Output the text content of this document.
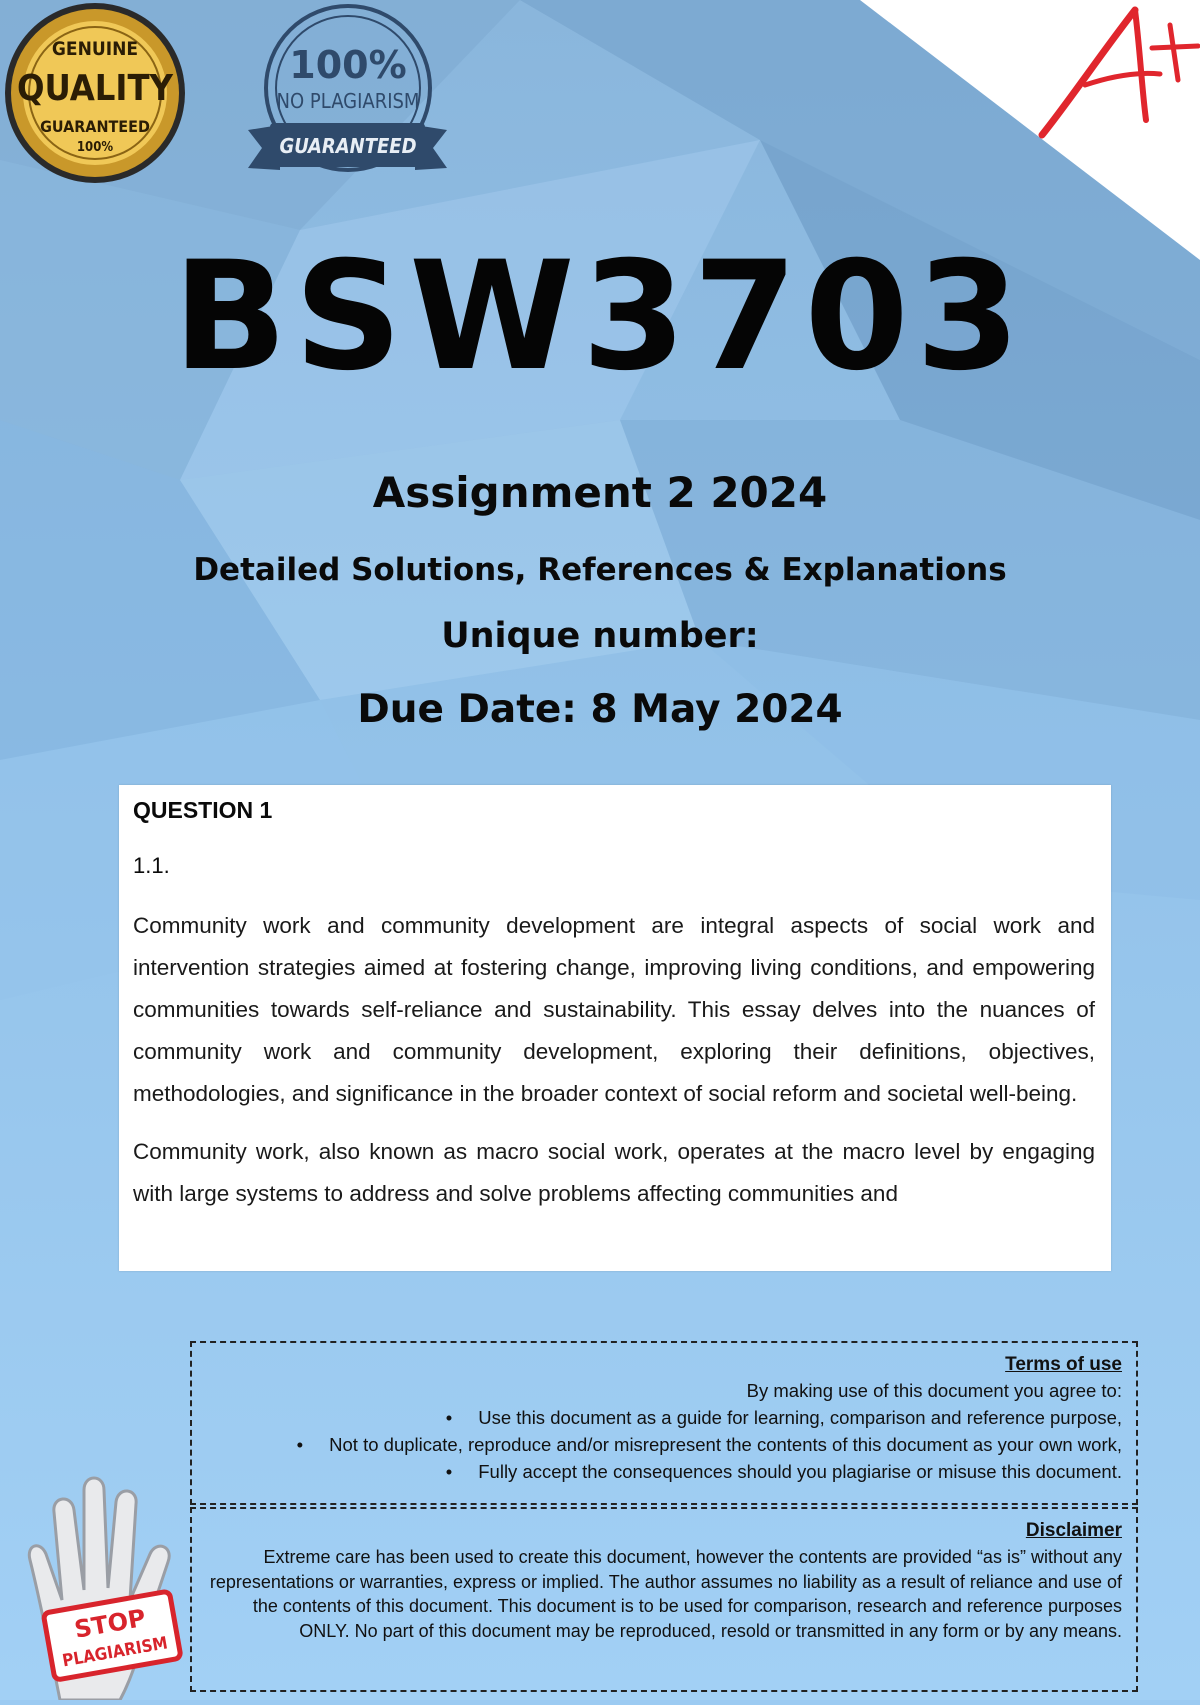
GENUINE
QUALITY
GUARANTEED
100%
100%
NO PLAGIARISM
GUARANTEED
BSW3703
Assignment 2 2024
Detailed Solutions, References & Explanations
Unique number:
Due Date: 8 May 2024
QUESTION 1
1.1.

Community work and community development are integral aspects of social work and intervention strategies aimed at fostering change, improving living conditions, and empowering communities towards self-reliance and sustainability. This essay delves into the nuances of community work and community development, exploring their definitions, objectives, methodologies, and significance in the broader context of social reform and societal well-being.

Community work, also known as macro social work, operates at the macro level by engaging with large systems to address and solve problems affecting communities and

Terms of use
By making use of this document you agree to:
• Use this document as a guide for learning, comparison and reference purpose,
• Not to duplicate, reproduce and/or misrepresent the contents of this document as your own work,
• Fully accept the consequences should you plagiarise or misuse this document.
Disclaimer
Extreme care has been used to create this document, however the contents are provided “as is” without any representations or warranties, express or implied. The author assumes no liability as a result of reliance and use of the contents of this document. This document is to be used for comparison, research and reference purposes ONLY. No part of this document may be reproduced, resold or transmitted in any form or by any means.
STOP
PLAGIARISM
